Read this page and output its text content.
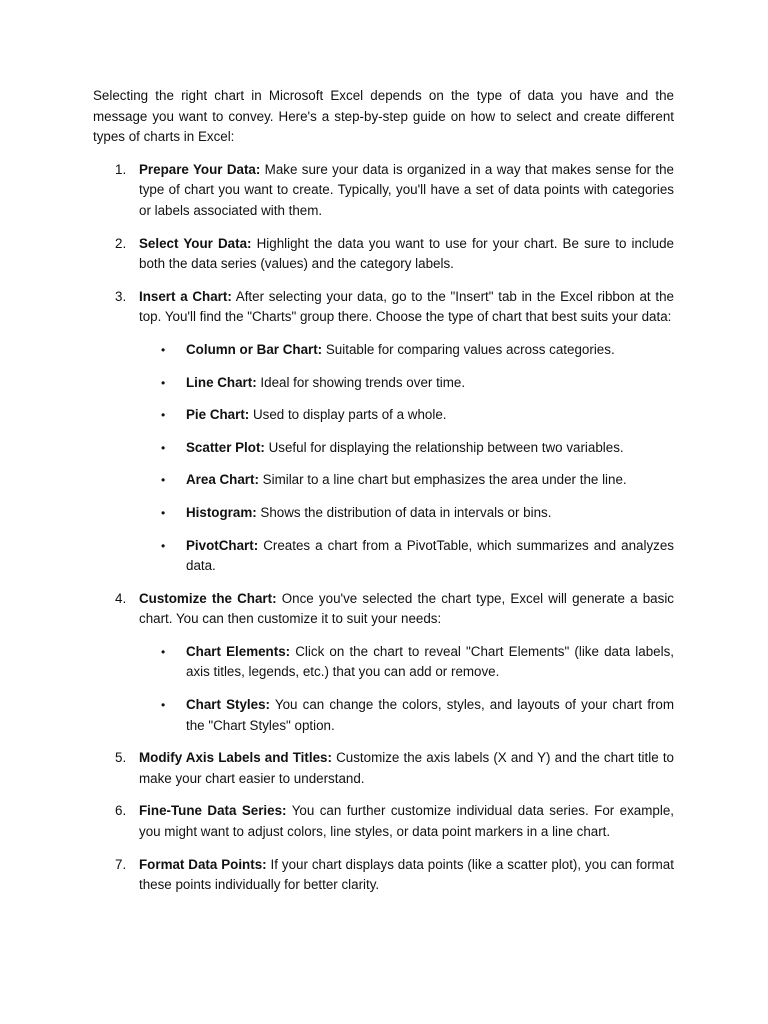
Selecting the right chart in Microsoft Excel depends on the type of data you have and the message you want to convey. Here's a step-by-step guide on how to select and create different types of charts in Excel:

1. Prepare Your Data: Make sure your data is organized in a way that makes sense for the type of chart you want to create. Typically, you'll have a set of data points with categories or labels associated with them.

2. Select Your Data: Highlight the data you want to use for your chart. Be sure to include both the data series (values) and the category labels.

3. Insert a Chart: After selecting your data, go to the "Insert" tab in the Excel ribbon at the top. You'll find the "Charts" group there. Choose the type of chart that best suits your data:

• Column or Bar Chart: Suitable for comparing values across categories.
• Line Chart: Ideal for showing trends over time.
• Pie Chart: Used to display parts of a whole.
• Scatter Plot: Useful for displaying the relationship between two variables.
• Area Chart: Similar to a line chart but emphasizes the area under the line.
• Histogram: Shows the distribution of data in intervals or bins.
• PivotChart: Creates a chart from a PivotTable, which summarizes and analyzes data.
4. Customize the Chart: Once you've selected the chart type, Excel will generate a basic chart. You can then customize it to suit your needs:

• Chart Elements: Click on the chart to reveal "Chart Elements" (like data labels, axis titles, legends, etc.) that you can add or remove.
• Chart Styles: You can change the colors, styles, and layouts of your chart from the "Chart Styles" option.
5. Modify Axis Labels and Titles: Customize the axis labels (X and Y) and the chart title to make your chart easier to understand.

6. Fine-Tune Data Series: You can further customize individual data series. For example, you might want to adjust colors, line styles, or data point markers in a line chart.

7. Format Data Points: If your chart displays data points (like a scatter plot), you can format these points individually for better clarity.
